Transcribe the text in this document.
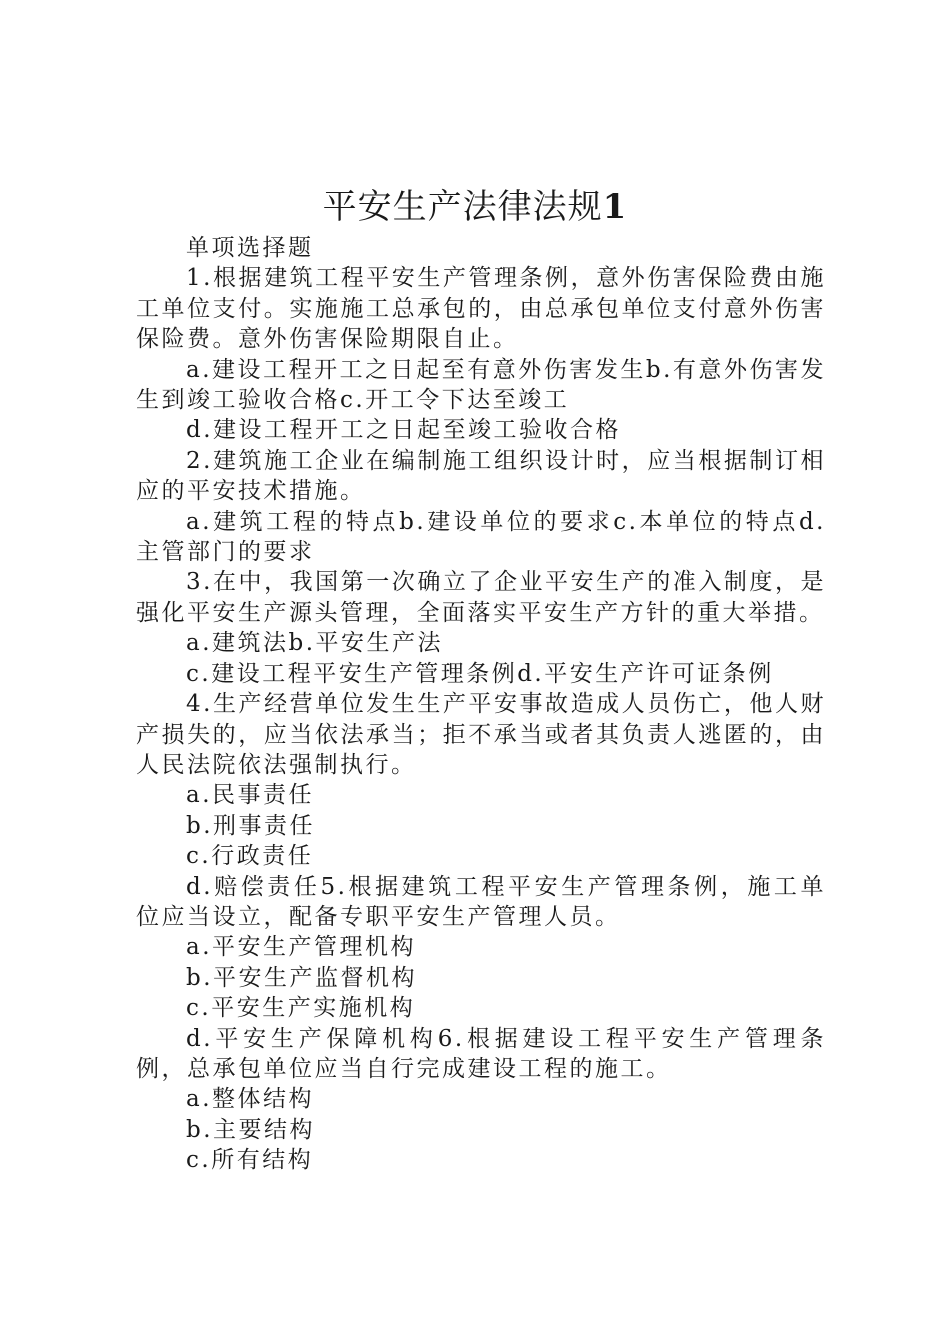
平安生产法律法规1

单项选择题

1.根据建筑工程平安生产管理条例，意外伤害保险费由施工单位支付。实施施工总承包的，由总承包单位支付意外伤害保险费。意外伤害保险期限自止。

a.建设工程开工之日起至有意外伤害发生b.有意外伤害发生到竣工验收合格c.开工令下达至竣工

d.建设工程开工之日起至竣工验收合格

2.建筑施工企业在编制施工组织设计时，应当根据制订相应的平安技术措施。

a.建筑工程的特点b.建设单位的要求c.本单位的特点d.主管部门的要求

3.在中，我国第一次确立了企业平安生产的准入制度，是强化平安生产源头管理，全面落实平安生产方针的重大举措。

a.建筑法b.平安生产法

c.建设工程平安生产管理条例d.平安生产许可证条例

4.生产经营单位发生生产平安事故造成人员伤亡，他人财产损失的，应当依法承当；拒不承当或者其负责人逃匿的，由人民法院依法强制执行。

a.民事责任

b.刑事责任

c.行政责任

d.赔偿责任5.根据建筑工程平安生产管理条例，施工单位应当设立，配备专职平安生产管理人员。

a.平安生产管理机构

b.平安生产监督机构

c.平安生产实施机构

d.平安生产保障机构6.根据建设工程平安生产管理条例，总承包单位应当自行完成建设工程的施工。

a.整体结构

b.主要结构

c.所有结构
